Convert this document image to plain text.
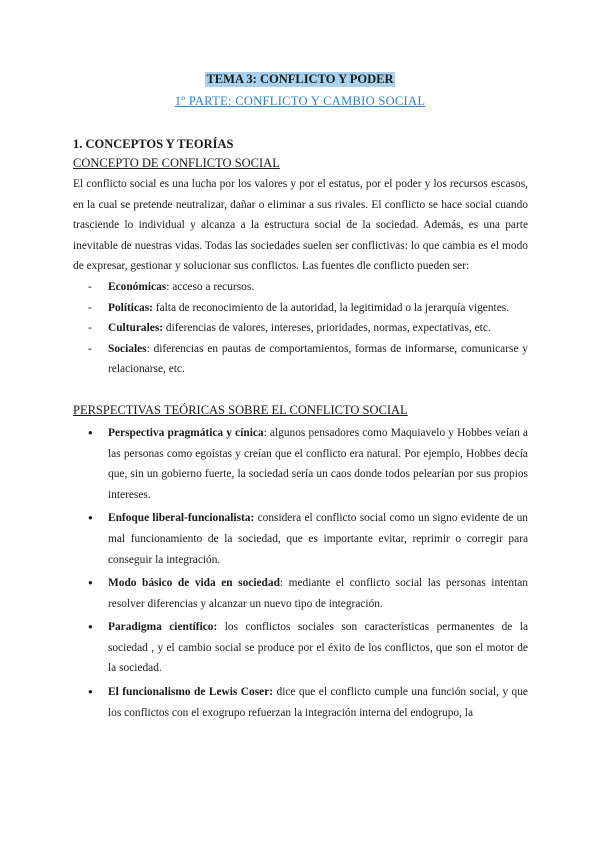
TEMA 3: CONFLICTO Y PODER
1º PARTE: CONFLICTO Y CAMBIO SOCIAL
1. CONCEPTOS Y TEORÍAS
CONCEPTO DE CONFLICTO SOCIAL

El conflicto social es una lucha por los valores y por el estatus, por el poder y los recursos escasos, en la cual se pretende neutralizar, dañar o eliminar a sus rivales. El conflicto se hace social cuando trasciende lo individual y alcanza a la estructura social de la sociedad. Además, es una parte inevitable de nuestras vidas. Todas las sociedades suelen ser conflictivas: lo que cambia es el modo de expresar, gestionar y solucionar sus conflictos. Las fuentes dle conflicto pueden ser:

- Económicas: acceso a recursos.
- Políticas: falta de reconocimiento de la autoridad, la legitimidad o la jerarquía vigentes.
- Culturales: diferencias de valores, intereses, prioridades, normas, expectativas, etc.
- Sociales: diferencias en pautas de comportamientos, formas de informarse, comunicarse y relacionarse, etc.
PERSPECTIVAS TEÓRICAS SOBRE EL CONFLICTO SOCIAL
● Perspectiva pragmática y cínica: algunos pensadores como Maquiavelo y Hobbes veían a las personas como egoístas y creían que el conflicto era natural. Por ejemplo, Hobbes decía que, sin un gobierno fuerte, la sociedad sería un caos donde todos pelearían por sus propios intereses.
● Enfoque liberal-funcionalista: considera el conflicto social como un signo evidente de un mal funcionamiento de la sociedad, que es importante evitar, reprimir o corregir para conseguir la integración.
● Modo básico de vida en sociedad: mediante el conflicto social las personas intentan resolver diferencias y alcanzar un nuevo tipo de integración.
● Paradigma científico: los conflictos sociales son características permanentes de la sociedad , y el cambio social se produce por el éxito de los conflictos, que son el motor de la sociedad.
● El funcionalismo de Lewis Coser: dice que el conflicto cumple una función social, y que los conflictos con el exogrupo refuerzan la integración interna del endogrupo, la
